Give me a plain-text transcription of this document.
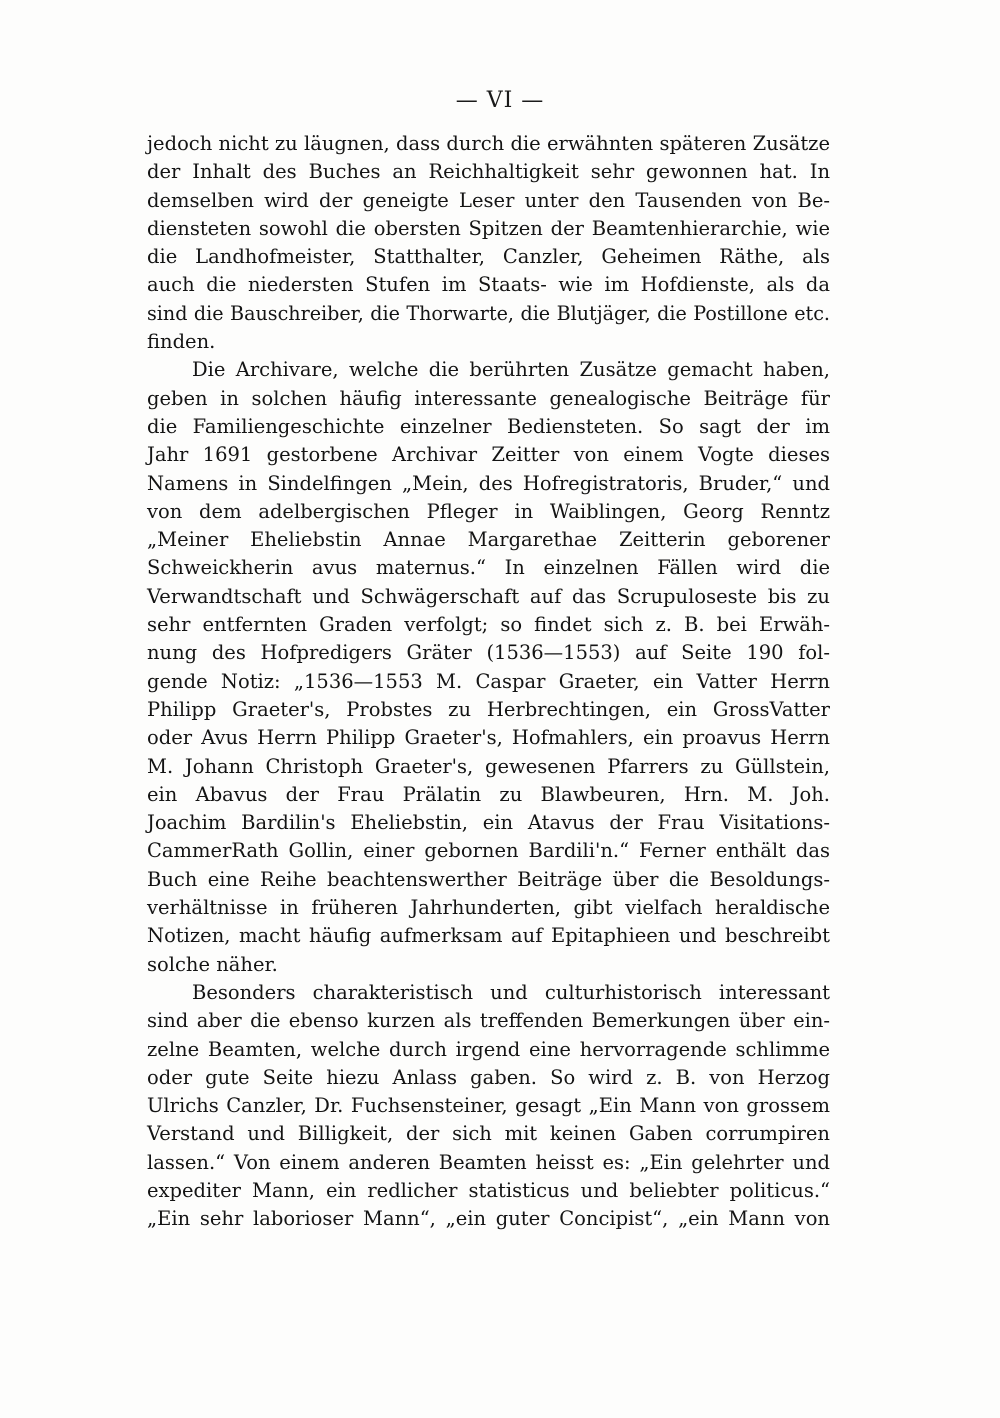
— VI —
jedoch nicht zu läugnen, dass durch die erwähnten späteren Zusätze
der Inhalt des Buches an Reichhaltigkeit sehr gewonnen hat. In
demselben wird der geneigte Leser unter den Tausenden von Be-
diensteten sowohl die obersten Spitzen der Beamtenhierarchie, wie
die Landhofmeister, Statthalter, Canzler, Geheimen Räthe, als
auch die niedersten Stufen im Staats- wie im Hofdienste, als da
sind die Bauschreiber, die Thorwarte, die Blutjäger, die Postillone etc.
finden.
Die Archivare, welche die berührten Zusätze gemacht haben,
geben in solchen häufig interessante genealogische Beiträge für
die Familiengeschichte einzelner Bediensteten. So sagt der im
Jahr 1691 gestorbene Archivar Zeitter von einem Vogte dieses
Namens in Sindelfingen „Mein, des Hofregistratoris, Bruder,“ und
von dem adelbergischen Pfleger in Waiblingen, Georg Renntz
„Meiner Eheliebstin Annae Margarethae Zeitterin geborener
Schweickherin avus maternus.“ In einzelnen Fällen wird die
Verwandtschaft und Schwägerschaft auf das Scrupuloseste bis zu
sehr entfernten Graden verfolgt; so findet sich z. B. bei Erwäh-
nung des Hofpredigers Gräter (1536—1553) auf Seite 190 fol-
gende Notiz: „1536—1553 M. Caspar Graeter, ein Vatter Herrn
Philipp Graeter's, Probstes zu Herbrechtingen, ein GrossVatter
oder Avus Herrn Philipp Graeter's, Hofmahlers, ein proavus Herrn
M. Johann Christoph Graeter's, gewesenen Pfarrers zu Güllstein,
ein Abavus der Frau Prälatin zu Blawbeuren, Hrn. M. Joh.
Joachim Bardilin's Eheliebstin, ein Atavus der Frau Visitations-
CammerRath Gollin, einer gebornen Bardili'n.“ Ferner enthält das
Buch eine Reihe beachtenswerther Beiträge über die Besoldungs-
verhältnisse in früheren Jahrhunderten, gibt vielfach heraldische
Notizen, macht häufig aufmerksam auf Epitaphieen und beschreibt
solche näher.
Besonders charakteristisch und culturhistorisch interessant
sind aber die ebenso kurzen als treffenden Bemerkungen über ein-
zelne Beamten, welche durch irgend eine hervorragende schlimme
oder gute Seite hiezu Anlass gaben. So wird z. B. von Herzog
Ulrichs Canzler, Dr. Fuchsensteiner, gesagt „Ein Mann von grossem
Verstand und Billigkeit, der sich mit keinen Gaben corrumpiren
lassen.“ Von einem anderen Beamten heisst es: „Ein gelehrter und
expediter Mann, ein redlicher statisticus und beliebter politicus.“
„Ein sehr laborioser Mann“, „ein guter Concipist“, „ein Mann von
